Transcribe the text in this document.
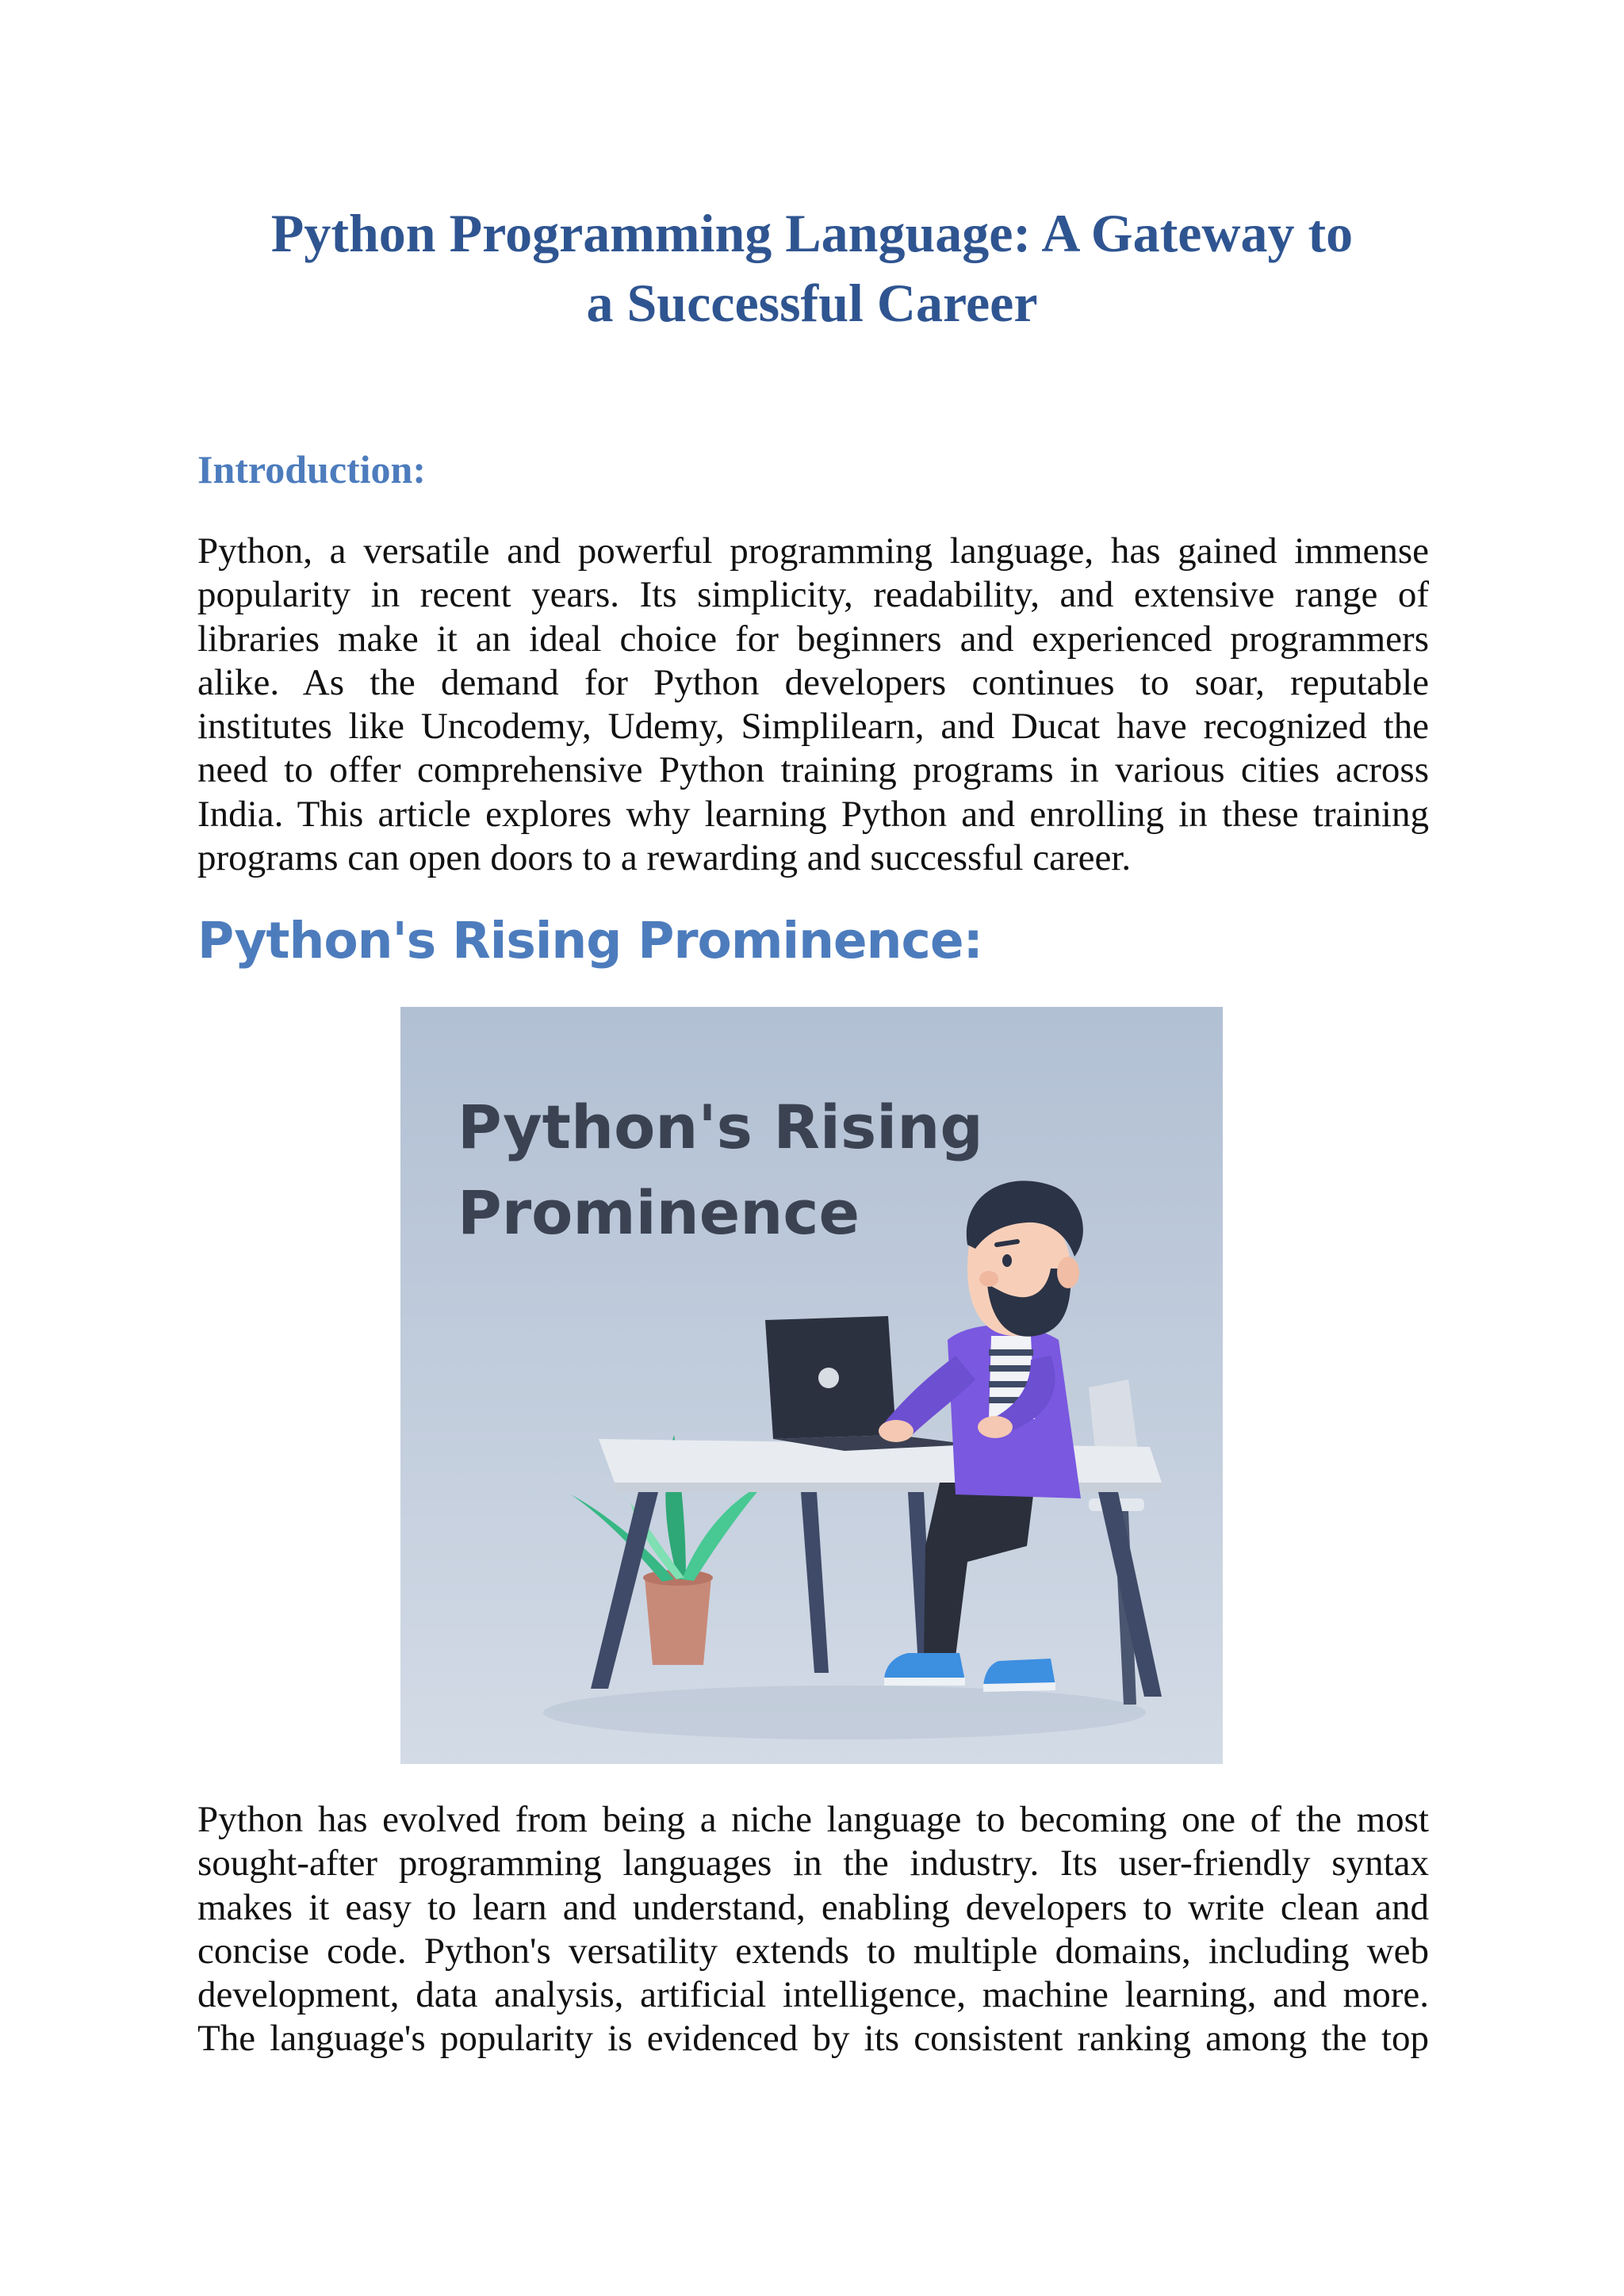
Python Programming Language: A Gateway to
a Successful Career
Introduction:

Python, a versatile and powerful programming language, has gained immense
popularity in recent years. Its simplicity, readability, and extensive range of
libraries make it an ideal choice for beginners and experienced programmers
alike. As the demand for Python developers continues to soar, reputable
institutes like Uncodemy, Udemy, Simplilearn, and Ducat have recognized the
need to offer comprehensive Python training programs in various cities across
India. This article explores why learning Python and enrolling in these training
programs can open doors to a rewarding and successful career.

Python's Rising Prominence:

Python's Rising
Prominence

Python has evolved from being a niche language to becoming one of the most
sought-after programming languages in the industry. Its user-friendly syntax
makes it easy to learn and understand, enabling developers to write clean and
concise code. Python's versatility extends to multiple domains, including web
development, data analysis, artificial intelligence, machine learning, and more.
The language's popularity is evidenced by its consistent ranking among the top
